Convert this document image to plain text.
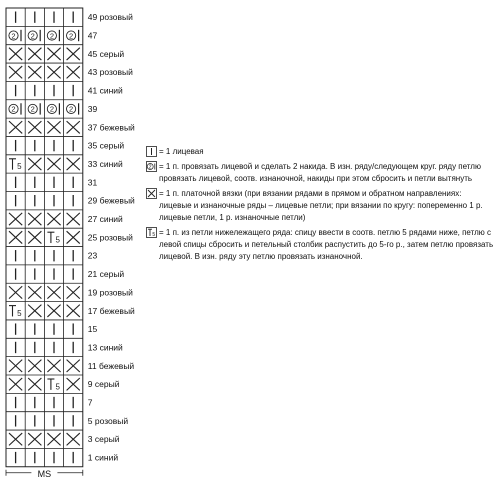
2 2 2 2
2 2 2 2
5
5
5
5
49 розовый
47
45 серый
43 розовый
41 синий
39
37 бежевый
35 серый
33 синий
31
29 бежевый
27 синий
25 розовый
23
21 серый
19 розовый
17 бежевый
15
13 синий
11 бежевый
9 серый
7
5 розовый
3 серый
1 синий
MS
= 1 лицевая
2 = 1 п. провязать лицевой и сделать 2 накида. В изн. ряду/следующем круг. ряду петлю провязать лицевой, соотв. изнаночной, накиды при этом сбросить и петли вытянуть
= 1 п. платочной вязки (при вязании рядами в прямом и обратном направлениях: лицевые и изнаночные ряды – лицевые петли; при вязании по кругу: попеременно 1 р. лицевые петли, 1 р. изнаночные петли)
5 = 1 п. из петли нижележащего ряда: спицу ввести в соотв. петлю 5 рядами ниже, петлю с левой спицы сбросить и петельный столбик распустить до 5-го р., затем петлю провязать лицевой. В изн. ряду эту петлю провязать изнаночной.
